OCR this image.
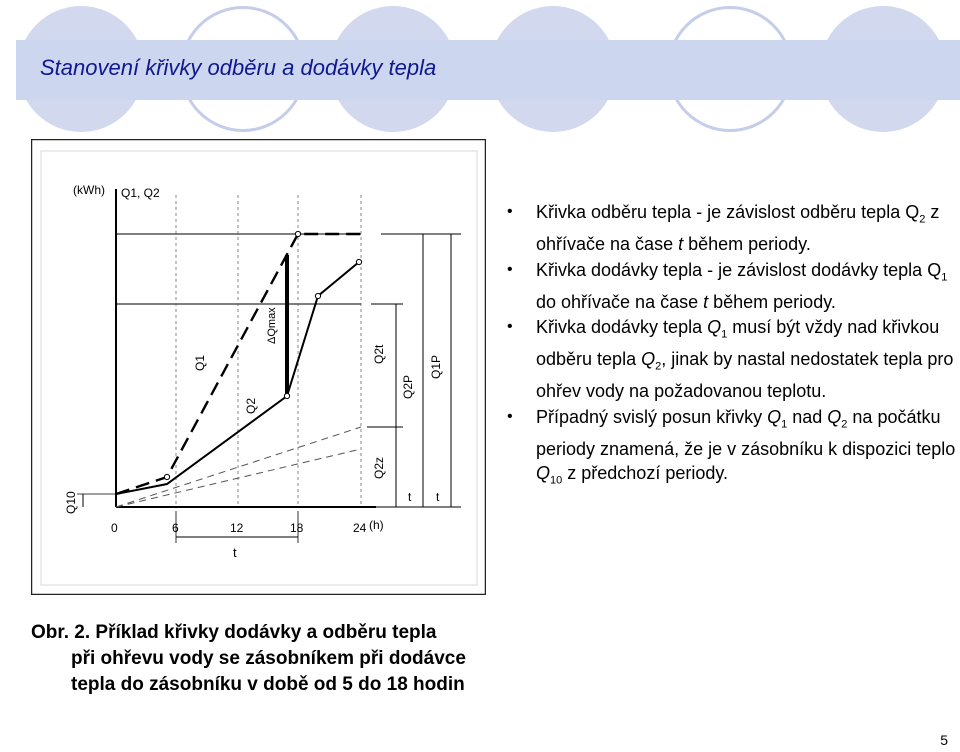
Stanovení křivky odběru a dodávky tepla
(kWh) Q1, Q2
(h)
0	6	12	18	24
t
Q1
Q2
ΔQmax
Q10
Q2t
Q2P
Q1P
Q2z
t t
• Křivka odběru tepla - je závislost odběru tepla $Q_2$ z ohřívače na čase t během periody.
• Křivka dodávky tepla - je závislost dodávky tepla $Q_1$ do ohřívače na čase t během periody.
• Křivka dodávky tepla $Q_1$ musí být vždy nad křivkou odběru tepla $Q_2$, jinak by nastal nedostatek tepla pro ohřev vody na požadovanou teplotu.
• Případný svislý posun křivky $Q_1$ nad $Q_2$ na počátku periody znamená, že je v zásobníku k dispozici teplo $Q_{10}$ z předchozí periody.
Obr. 2. Příklad křivky dodávky a odběru tepla
při ohřevu vody se zásobníkem při dodávce
tepla do zásobníku v době od 5 do 18 hodin
5
